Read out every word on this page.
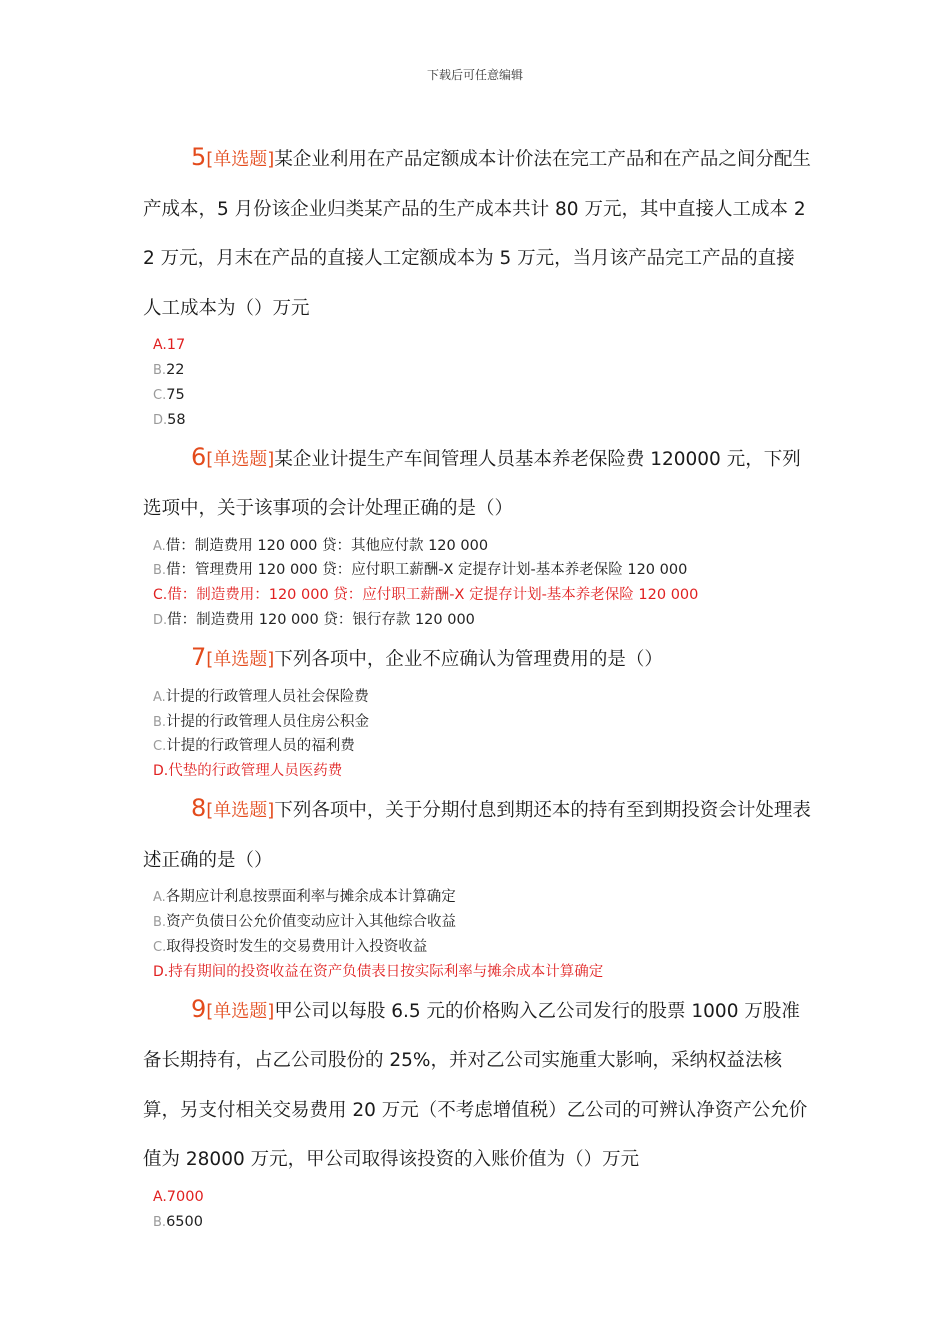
下载后可任意编辑

5[单选题]某企业利用在产品定额成本计价法在完工产品和在产品之间分配生产成本，5 月份该企业归类某产品的生产成本共计 80 万元，其中直接人工成本 22 万元，月末在产品的直接人工定额成本为 5 万元，当月该产品完工产品的直接人工成本为（）万元

A.17
B.22
C.75
D.58

6[单选题]某企业计提生产车间管理人员基本养老保险费 120000 元，下列选项中，关于该事项的会计处理正确的是（）

A.借：制造费用 120 000 贷：其他应付款 120 000
B.借：管理费用 120 000 贷：应付职工薪酬-X 定提存计划-基本养老保险 120 000
C.借：制造费用：120 000 贷：应付职工薪酬-X 定提存计划-基本养老保险 120 000
D.借：制造费用 120 000 贷：银行存款 120 000

7[单选题]下列各项中，企业不应确认为管理费用的是（）

A.计提的行政管理人员社会保险费
B.计提的行政管理人员住房公积金
C.计提的行政管理人员的福利费
D.代垫的行政管理人员医药费

8[单选题]下列各项中，关于分期付息到期还本的持有至到期投资会计处理表述正确的是（）

A.各期应计利息按票面利率与摊余成本计算确定
B.资产负债日公允价值变动应计入其他综合收益
C.取得投资时发生的交易费用计入投资收益
D.持有期间的投资收益在资产负债表日按实际利率与摊余成本计算确定

9[单选题]甲公司以每股 6.5 元的价格购入乙公司发行的股票 1000 万股准备长期持有，占乙公司股份的 25%，并对乙公司实施重大影响，采纳权益法核算，另支付相关交易费用 20 万元（不考虑增值税）乙公司的可辨认净资产公允价值为 28000 万元，甲公司取得该投资的入账价值为（）万元

A.7000
B.6500
